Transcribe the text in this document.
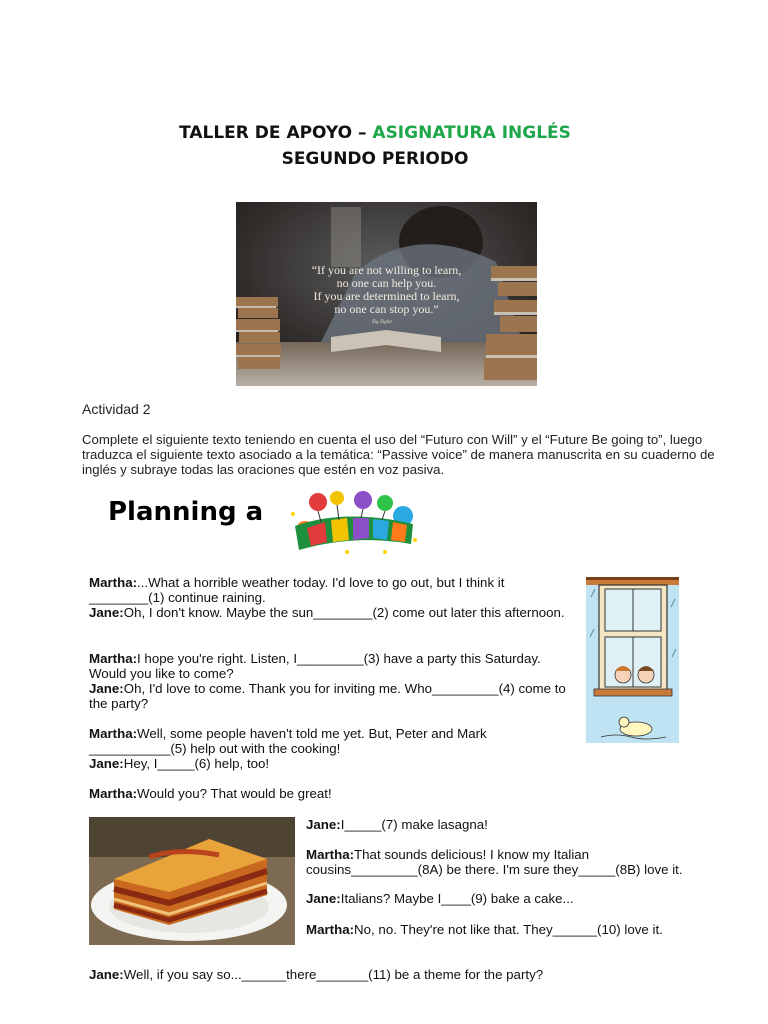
TALLER DE APOYO – ASIGNATURA INGLÉS
SEGUNDO PERIODO
“If you are not willing to learn,
no one can help you.
If you are determined to learn,
no one can stop you.”
Zig Ziglar
Actividad 2
Complete el siguiente texto teniendo en cuenta el uso del “Futuro con Will” y el “Future Be going to”, luego traduzca el siguiente texto asociado a la temática: “Passive voice” de manera manuscrita en su cuaderno de inglés y subraye todas las oraciones que estén en voz pasiva.
Planning a
Martha:...What a horrible weather today. I'd love to go out, but I think it ________(1) continue raining.
Jane:Oh, I don't know. Maybe the sun________(2) come out later this afternoon.
Martha:I hope you're right. Listen, I_________(3) have a party this Saturday. Would you like to come?
Jane:Oh, I'd love to come. Thank you for inviting me. Who_________(4) come to the party?
Martha:Well, some people haven't told me yet. But, Peter and Mark ___________(5) help out with the cooking!
Jane:Hey, I_____(6) help, too!
Martha:Would you? That would be great!
Jane:I_____(7) make lasagna!
Martha:That sounds delicious! I know my Italian cousins_________(8A) be there. I'm sure they_____(8B) love it.
Jane:Italians? Maybe I____(9) bake a cake...
Martha:No, no. They're not like that. They______(10) love it.
Jane:Well, if you say so...______there_______(11) be a theme for the party?
